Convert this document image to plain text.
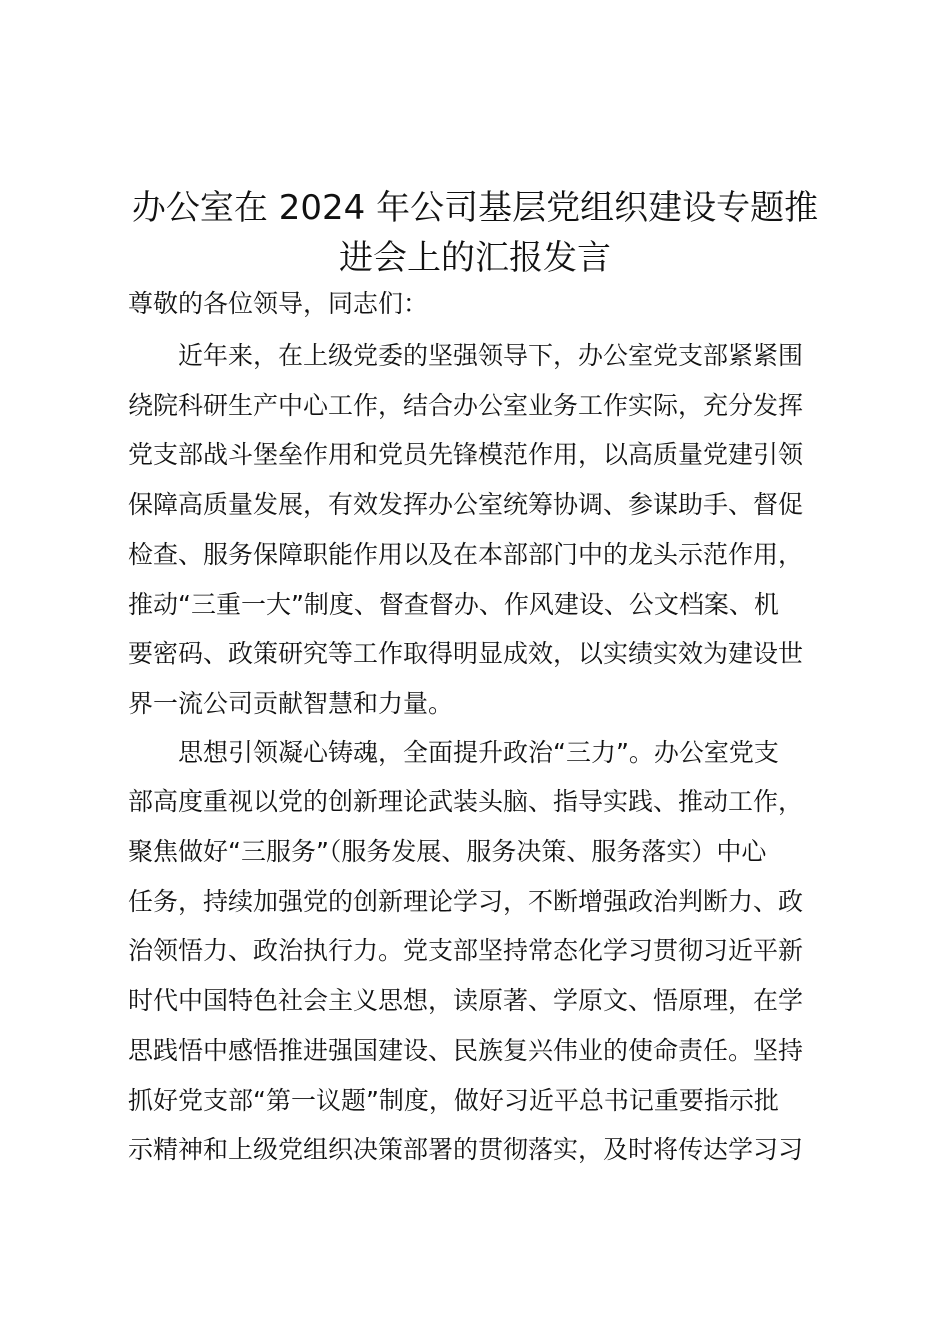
办公室在 2024 年公司基层党组织建设专题推
进会上的汇报发言
尊敬的各位领导，同志们：
近年来，在上级党委的坚强领导下，办公室党支部紧紧围
绕院科研生产中心工作，结合办公室业务工作实际，充分发挥
党支部战斗堡垒作用和党员先锋模范作用，以高质量党建引领
保障高质量发展，有效发挥办公室统筹协调、参谋助手、督促
检查、服务保障职能作用以及在本部部门中的龙头示范作用，
推动“三重一大”制度、督查督办、作风建设、公文档案、机
要密码、政策研究等工作取得明显成效，以实绩实效为建设世
界一流公司贡献智慧和力量。
思想引领凝心铸魂，全面提升政治“三力”。办公室党支
部高度重视以党的创新理论武装头脑、指导实践、推动工作，
聚焦做好“三服务”（服务发展、服务决策、服务落实）中心
任务，持续加强党的创新理论学习，不断增强政治判断力、政
治领悟力、政治执行力。党支部坚持常态化学习贯彻习近平新
时代中国特色社会主义思想，读原著、学原文、悟原理，在学
思践悟中感悟推进强国建设、民族复兴伟业的使命责任。坚持
抓好党支部“第一议题”制度，做好习近平总书记重要指示批
示精神和上级党组织决策部署的贯彻落实，及时将传达学习习
